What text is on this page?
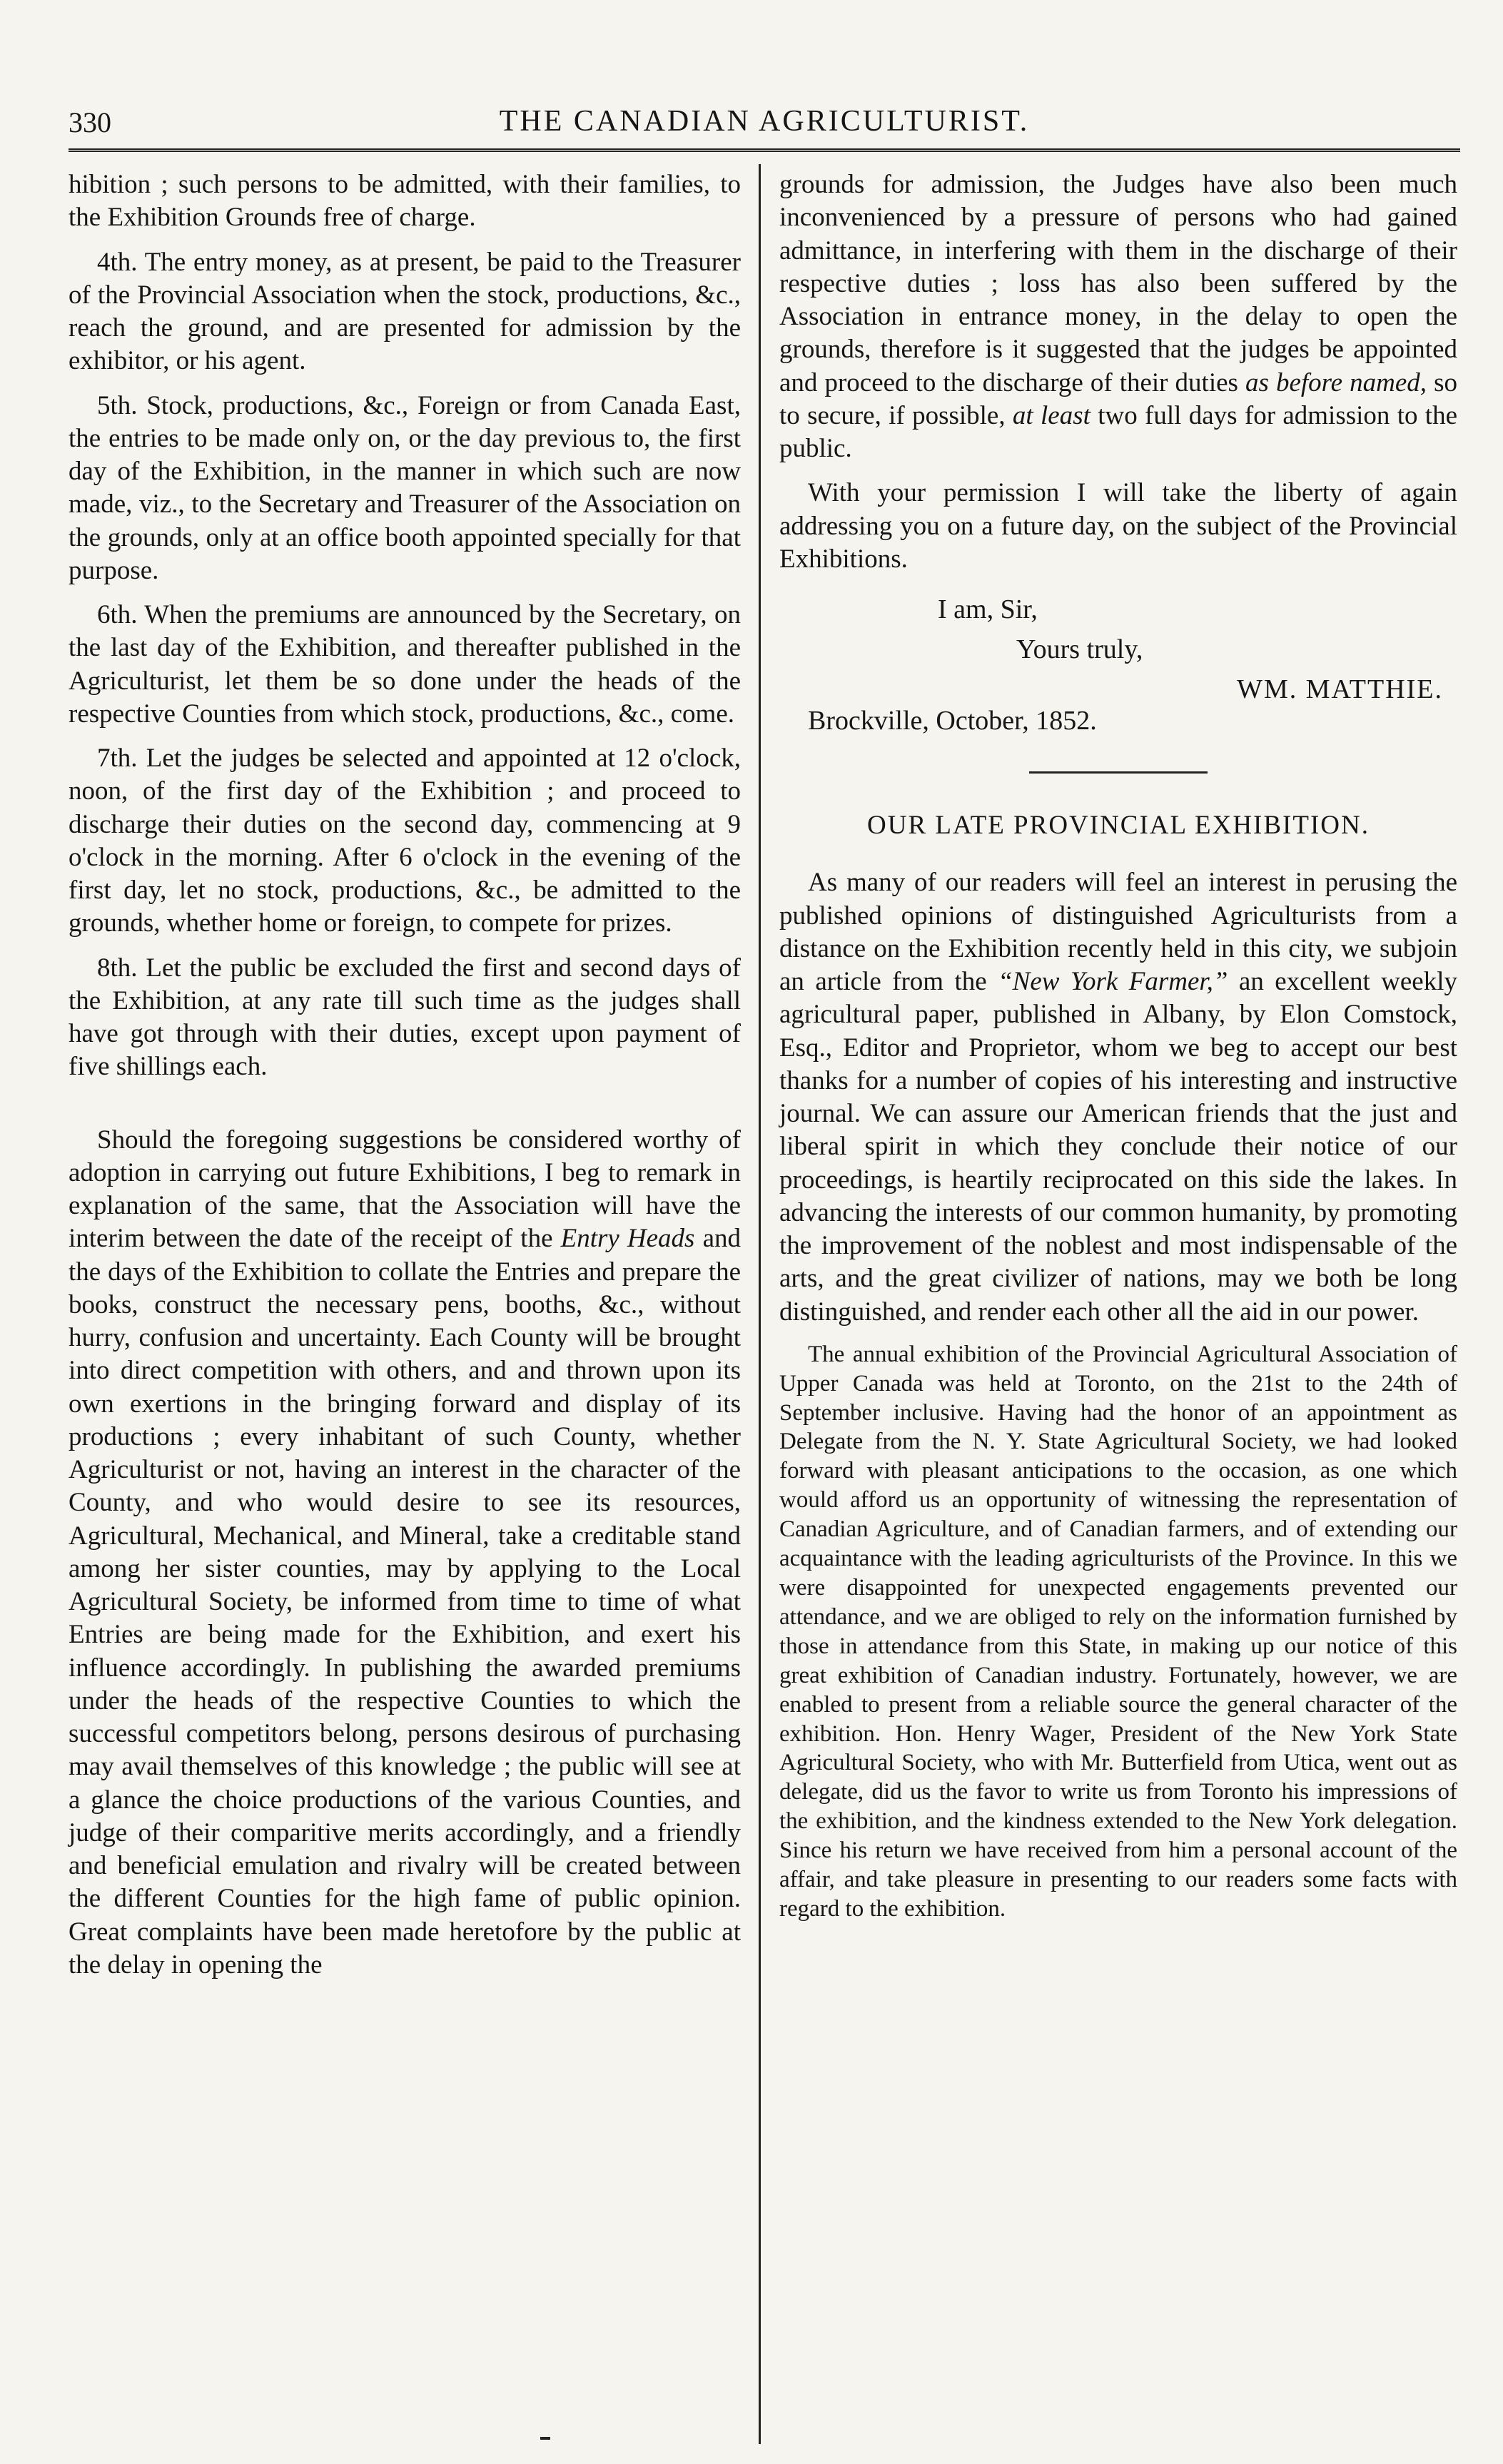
330	THE CANADIAN AGRICULTURIST.

hibition ; such persons to be admitted, with their families, to the Exhibition Grounds free of charge.

4th. The entry money, as at present, be paid to the Treasurer of the Provincial Association when the stock, productions, &c., reach the ground, and are presented for admission by the exhibitor, or his agent.

5th. Stock, productions, &c., Foreign or from Canada East, the entries to be made only on, or the day previous to, the first day of the Exhibition, in the manner in which such are now made, viz., to the Secretary and Treasurer of the Association on the grounds, only at an office booth appointed specially for that purpose.

6th. When the premiums are announced by the Secretary, on the last day of the Exhibition, and thereafter published in the Agriculturist, let them be so done under the heads of the respective Counties from which stock, productions, &c., come.

7th. Let the judges be selected and appointed at 12 o'clock, noon, of the first day of the Exhibition ; and proceed to discharge their duties on the second day, commencing at 9 o'clock in the morning. After 6 o'clock in the evening of the first day, let no stock, productions, &c., be admitted to the grounds, whether home or foreign, to compete for prizes.

8th. Let the public be excluded the first and second days of the Exhibition, at any rate till such time as the judges shall have got through with their duties, except upon payment of five shillings each.

Should the foregoing suggestions be considered worthy of adoption in carrying out future Exhibitions, I beg to remark in explanation of the same, that the Association will have the interim between the date of the receipt of the Entry Heads and the days of the Exhibition to collate the Entries and prepare the books, construct the necessary pens, booths, &c., without hurry, confusion and uncertainty. Each County will be brought into direct competition with others, and and thrown upon its own exertions in the bringing forward and display of its productions ; every inhabitant of such County, whether Agriculturist or not, having an interest in the character of the County, and who would desire to see its resources, Agricultural, Mechanical, and Mineral, take a creditable stand among her sister counties, may by applying to the Local Agricultural Society, be informed from time to time of what Entries are being made for the Exhibition, and exert his influence accordingly. In publishing the awarded premiums under the heads of the respective Counties to which the successful competitors belong, persons desirous of purchasing may avail themselves of this knowledge ; the public will see at a glance the choice productions of the various Counties, and judge of their comparitive merits accordingly, and a friendly and beneficial emulation and rivalry will be created between the different Counties for the high fame of public opinion. Great complaints have been made heretofore by the public at the delay in opening the

grounds for admission, the Judges have also been much inconvenienced by a pressure of persons who had gained admittance, in interfering with them in the discharge of their respective duties ; loss has also been suffered by the Association in entrance money, in the delay to open the grounds, therefore is it suggested that the judges be appointed and proceed to the discharge of their duties as before named, so to secure, if possible, at least two full days for admission to the public.

With your permission I will take the liberty of again addressing you on a future day, on the subject of the Provincial Exhibitions.

I am, Sir,
Yours truly,
WM. MATTHIE.
Brockville, October, 1852.
OUR LATE PROVINCIAL EXHIBITION.

As many of our readers will feel an interest in perusing the published opinions of distinguished Agriculturists from a distance on the Exhibition recently held in this city, we subjoin an article from the “New York Farmer,” an excellent weekly agricultural paper, published in Albany, by Elon Comstock, Esq., Editor and Proprietor, whom we beg to accept our best thanks for a number of copies of his interesting and instructive journal. We can assure our American friends that the just and liberal spirit in which they conclude their notice of our proceedings, is heartily reciprocated on this side the lakes. In advancing the interests of our common humanity, by promoting the improvement of the noblest and most indispensable of the arts, and the great civilizer of nations, may we both be long distinguished, and render each other all the aid in our power.

The annual exhibition of the Provincial Agricultural Association of Upper Canada was held at Toronto, on the 21st to the 24th of September inclusive. Having had the honor of an appointment as Delegate from the N. Y. State Agricultural Society, we had looked forward with pleasant anticipations to the occasion, as one which would afford us an opportunity of witnessing the representation of Canadian Agriculture, and of Canadian farmers, and of extending our acquaintance with the leading agriculturists of the Province. In this we were disappointed for unexpected engagements prevented our attendance, and we are obliged to rely on the information furnished by those in attendance from this State, in making up our notice of this great exhibition of Canadian industry. Fortunately, however, we are enabled to present from a reliable source the general character of the exhibition. Hon. Henry Wager, President of the New York State Agricultural Society, who with Mr. Butterfield from Utica, went out as delegate, did us the favor to write us from Toronto his impressions of the exhibition, and the kindness extended to the New York delegation. Since his return we have received from him a personal account of the affair, and take pleasure in presenting to our readers some facts with regard to the exhibition.
